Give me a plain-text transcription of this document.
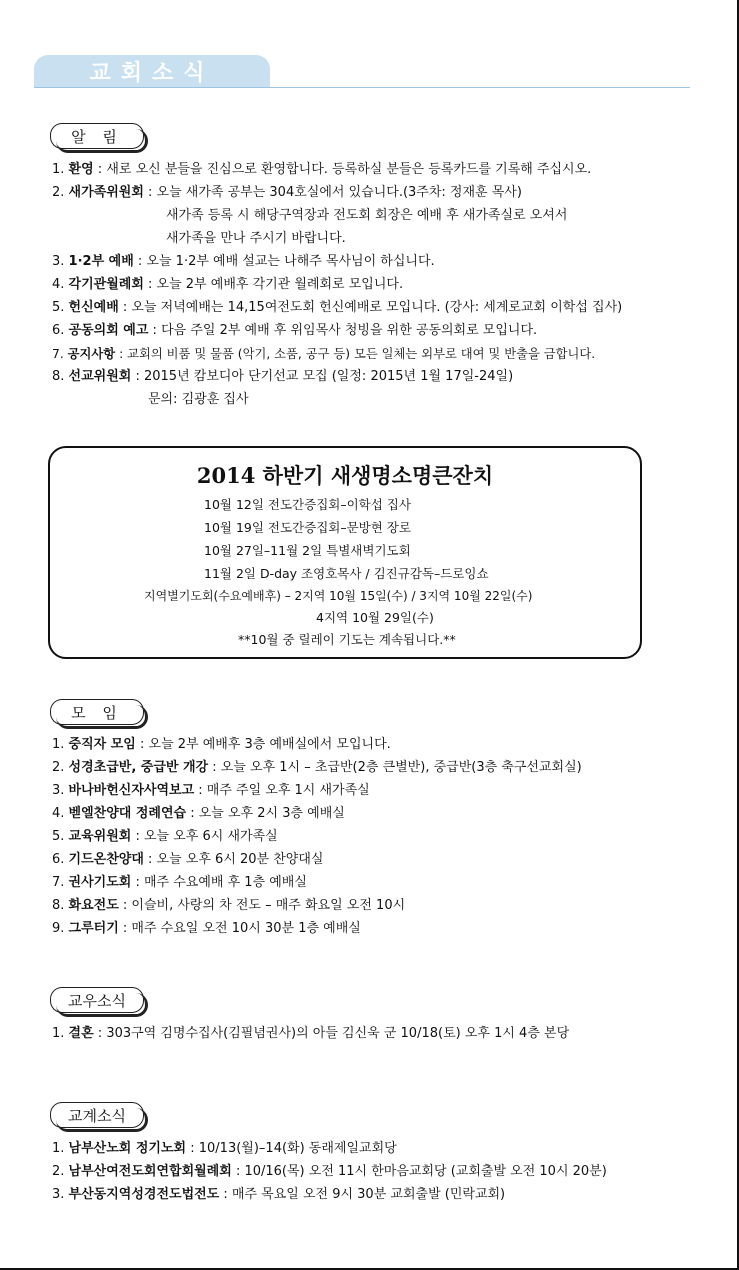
교회소식
알 림
1. 환영 : 새로 오신 분들을 진심으로 환영합니다. 등록하실 분들은 등록카드를 기록해 주십시오.
2. 새가족위원회 : 오늘 새가족 공부는 304호실에서 있습니다.(3주차: 정재훈 목사)
새가족 등록 시 해당구역장과 전도회 회장은 예배 후 새가족실로 오셔서
새가족을 만나 주시기 바랍니다.
3. 1·2부 예배 : 오늘 1·2부 예배 설교는 나해주 목사님이 하십니다.
4. 각기관월례회 : 오늘 2부 예배후 각기관 월례회로 모입니다.
5. 헌신예배 : 오늘 저녁예배는 14,15여전도회 헌신예배로 모입니다. (강사: 세계로교회 이학섭 집사)
6. 공동의회 예고 : 다음 주일 2부 예배 후 위임목사 청빙을 위한 공동의회로 모입니다.
7. 공지사항 : 교회의 비품 및 물품 (악기, 소품, 공구 등) 모든 일체는 외부로 대여 및 반출을 금합니다.
8. 선교위원회 : 2015년 캄보디아 단기선교 모집 (일정: 2015년 1월 17일-24일)
문의: 김광훈 집사
2014 하반기 새생명소명큰잔치
10월 12일 전도간증집회–이학섭 집사
10월 19일 전도간증집회–문방현 장로
10월 27일–11월 2일 특별새벽기도회
11월 2일 D-day 조영호목사 / 김진규감독–드로잉쇼
지역별기도회(수요예배후) – 2지역 10월 15일(수) / 3지역 10월 22일(수)
4지역 10월 29일(수)
**10월 중 릴레이 기도는 계속됩니다.**
모 임
1. 중직자 모임 : 오늘 2부 예배후 3층 예배실에서 모입니다.
2. 성경초급반, 중급반 개강 : 오늘 오후 1시 – 초급반(2층 큰별반), 중급반(3층 축구선교회실)
3. 바나바헌신자사역보고 : 매주 주일 오후 1시 새가족실
4. 벧엘찬양대 정례연습 : 오늘 오후 2시 3층 예배실
5. 교육위원회 : 오늘 오후 6시 새가족실
6. 기드온찬양대 : 오늘 오후 6시 20분 찬양대실
7. 권사기도회 : 매주 수요예배 후 1층 예배실
8. 화요전도 : 이슬비, 사랑의 차 전도 – 매주 화요일 오전 10시
9. 그루터기 : 매주 수요일 오전 10시 30분 1층 예배실
교우소식
1. 결혼 : 303구역 김명수집사(김필념권사)의 아들 김신욱 군 10/18(토) 오후 1시 4층 본당
교계소식
1. 남부산노회 정기노회 : 10/13(월)–14(화) 동래제일교회당
2. 남부산여전도회연합회월례회 : 10/16(목) 오전 11시 한마음교회당 (교회출발 오전 10시 20분)
3. 부산동지역성경전도법전도 : 매주 목요일 오전 9시 30분 교회출발 (민락교회)
